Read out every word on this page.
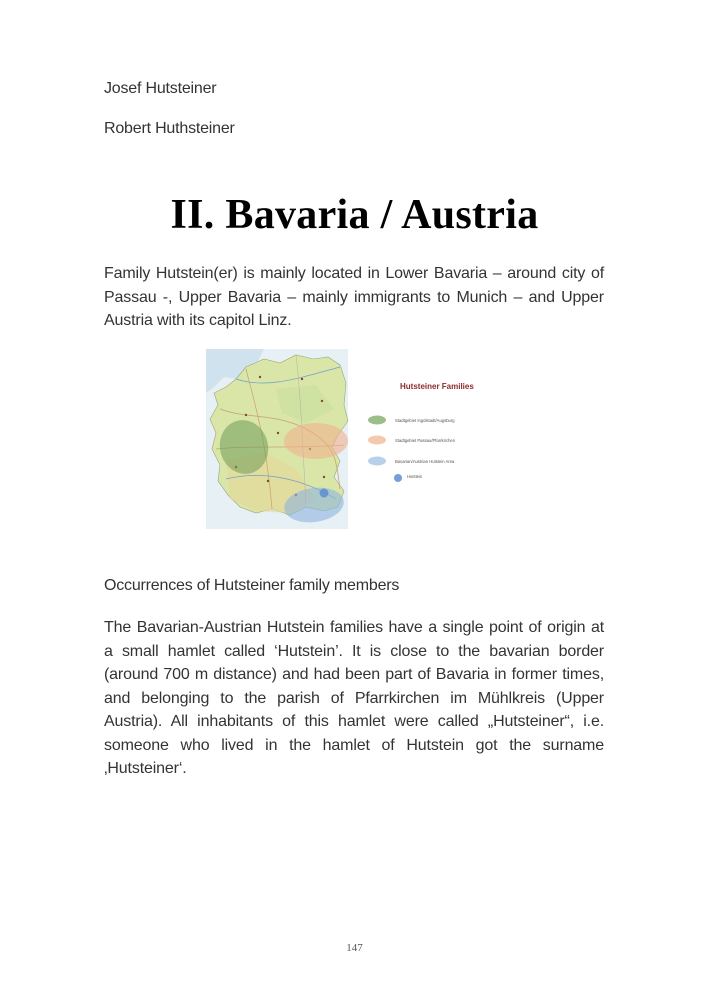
Josef Hutsteiner
Robert Huthsteiner
II. Bavaria / Austria

Family Hutstein(er) is mainly located in Lower Bavaria – around city of Passau -, Upper Bavaria – mainly immigrants to Munich – and Upper Austria with its capitol Linz.

Hutsteiner Families
Stadtgebiet Ingolstadt/Augsburg
Stadtgebiet Passau/Pfarrkirchen
Bavarian/Austrian Hutstein Area
Hutstein
Occurrences of Hutsteiner family members

The Bavarian-Austrian Hutstein families have a single point of origin at a small hamlet called ‘Hutstein’. It is close to the bavarian border (around 700 m distance) and had been part of Bavaria in former times, and belonging to the parish of Pfarrkirchen im Mühlkreis (Upper Austria). All inhabitants of this hamlet were called „Hutsteiner“, i.e. someone who lived in the hamlet of Hutstein got the surname ‚Hutsteiner‘.

147
